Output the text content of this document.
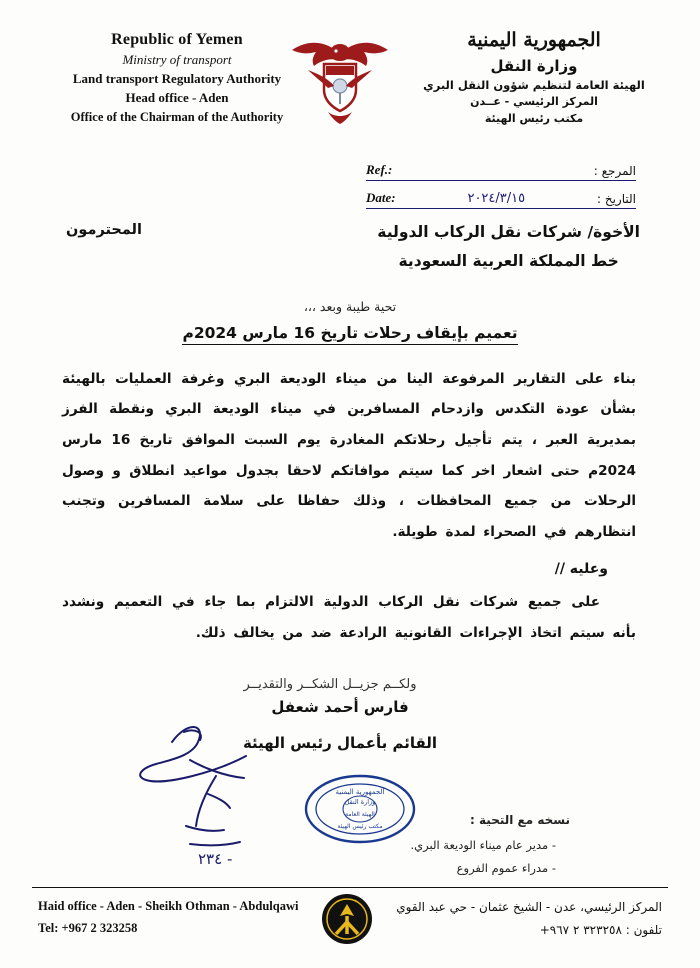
Republic of Yemen
Ministry of transport
Land transport Regulatory Authority
Head office - Aden
Office of the Chairman of the Authority
الجمهورية اليمنية
وزارة النقل
الهيئة العامة لتنظيم شؤون النقل البري
المركز الرئيسي - عــدن
مكتب رئيس الهيئة
Ref.:	المرجع :
Date:	٢٠٢٤/٣/١٥	التاريخ :
الأخوة/ شركات نقل الركاب الدولية
خط المملكة العربية السعودية
المحترمون
تحية طيبة وبعد ،،،
تعميم بإيقاف رحلات تاريخ 16 مارس 2024م
بناء على التقارير المرفوعة الينا من ميناء الوديعة البري وغرفة العمليات بالهيئة بشأن عودة التكدس وازدحام المسافرين في ميناء الوديعة البري ونقطة الفرز بمديرية العبر ، يتم تأجيل رحلاتكم المغادرة يوم السبت الموافق تاريخ 16 مارس 2024م حتى اشعار اخر كما سيتم موافاتكم لاحقا بجدول مواعيد انطلاق و وصول الرحلات من جميع المحافظات ، وذلك حفاظا على سلامة المسافرين وتجنب انتظارهم في الصحراء لمدة طويلة.
وعليه //
على جميع شركات نقل الركاب الدولية الالتزام بما جاء في التعميم ونشدد بأنه سيتم اتخاذ الإجراءات القانونية الرادعة ضد من يخالف ذلك.
ولكــم جزيــل الشكــر والتقديــر
فارس أحمد شعفل
القائم بأعمال رئيس الهيئة
٢٣٤ -
الجمهورية اليمنية
وزارة النقل
الهيئة العامة
مكتب رئيس الهيئة	نسخه مع التحية :
- مدير عام ميناء الوديعة البري.
- مدراء عموم الفروع
Haid office - Aden - Sheikh Othman - Abdulqawi
Tel: +967 2 323258
المركز الرئيسي، عدن - الشيخ عثمان - حي عبد القوي
تلفون : ٣٢٣٢٥٨ ٢ ٩٦٧+
